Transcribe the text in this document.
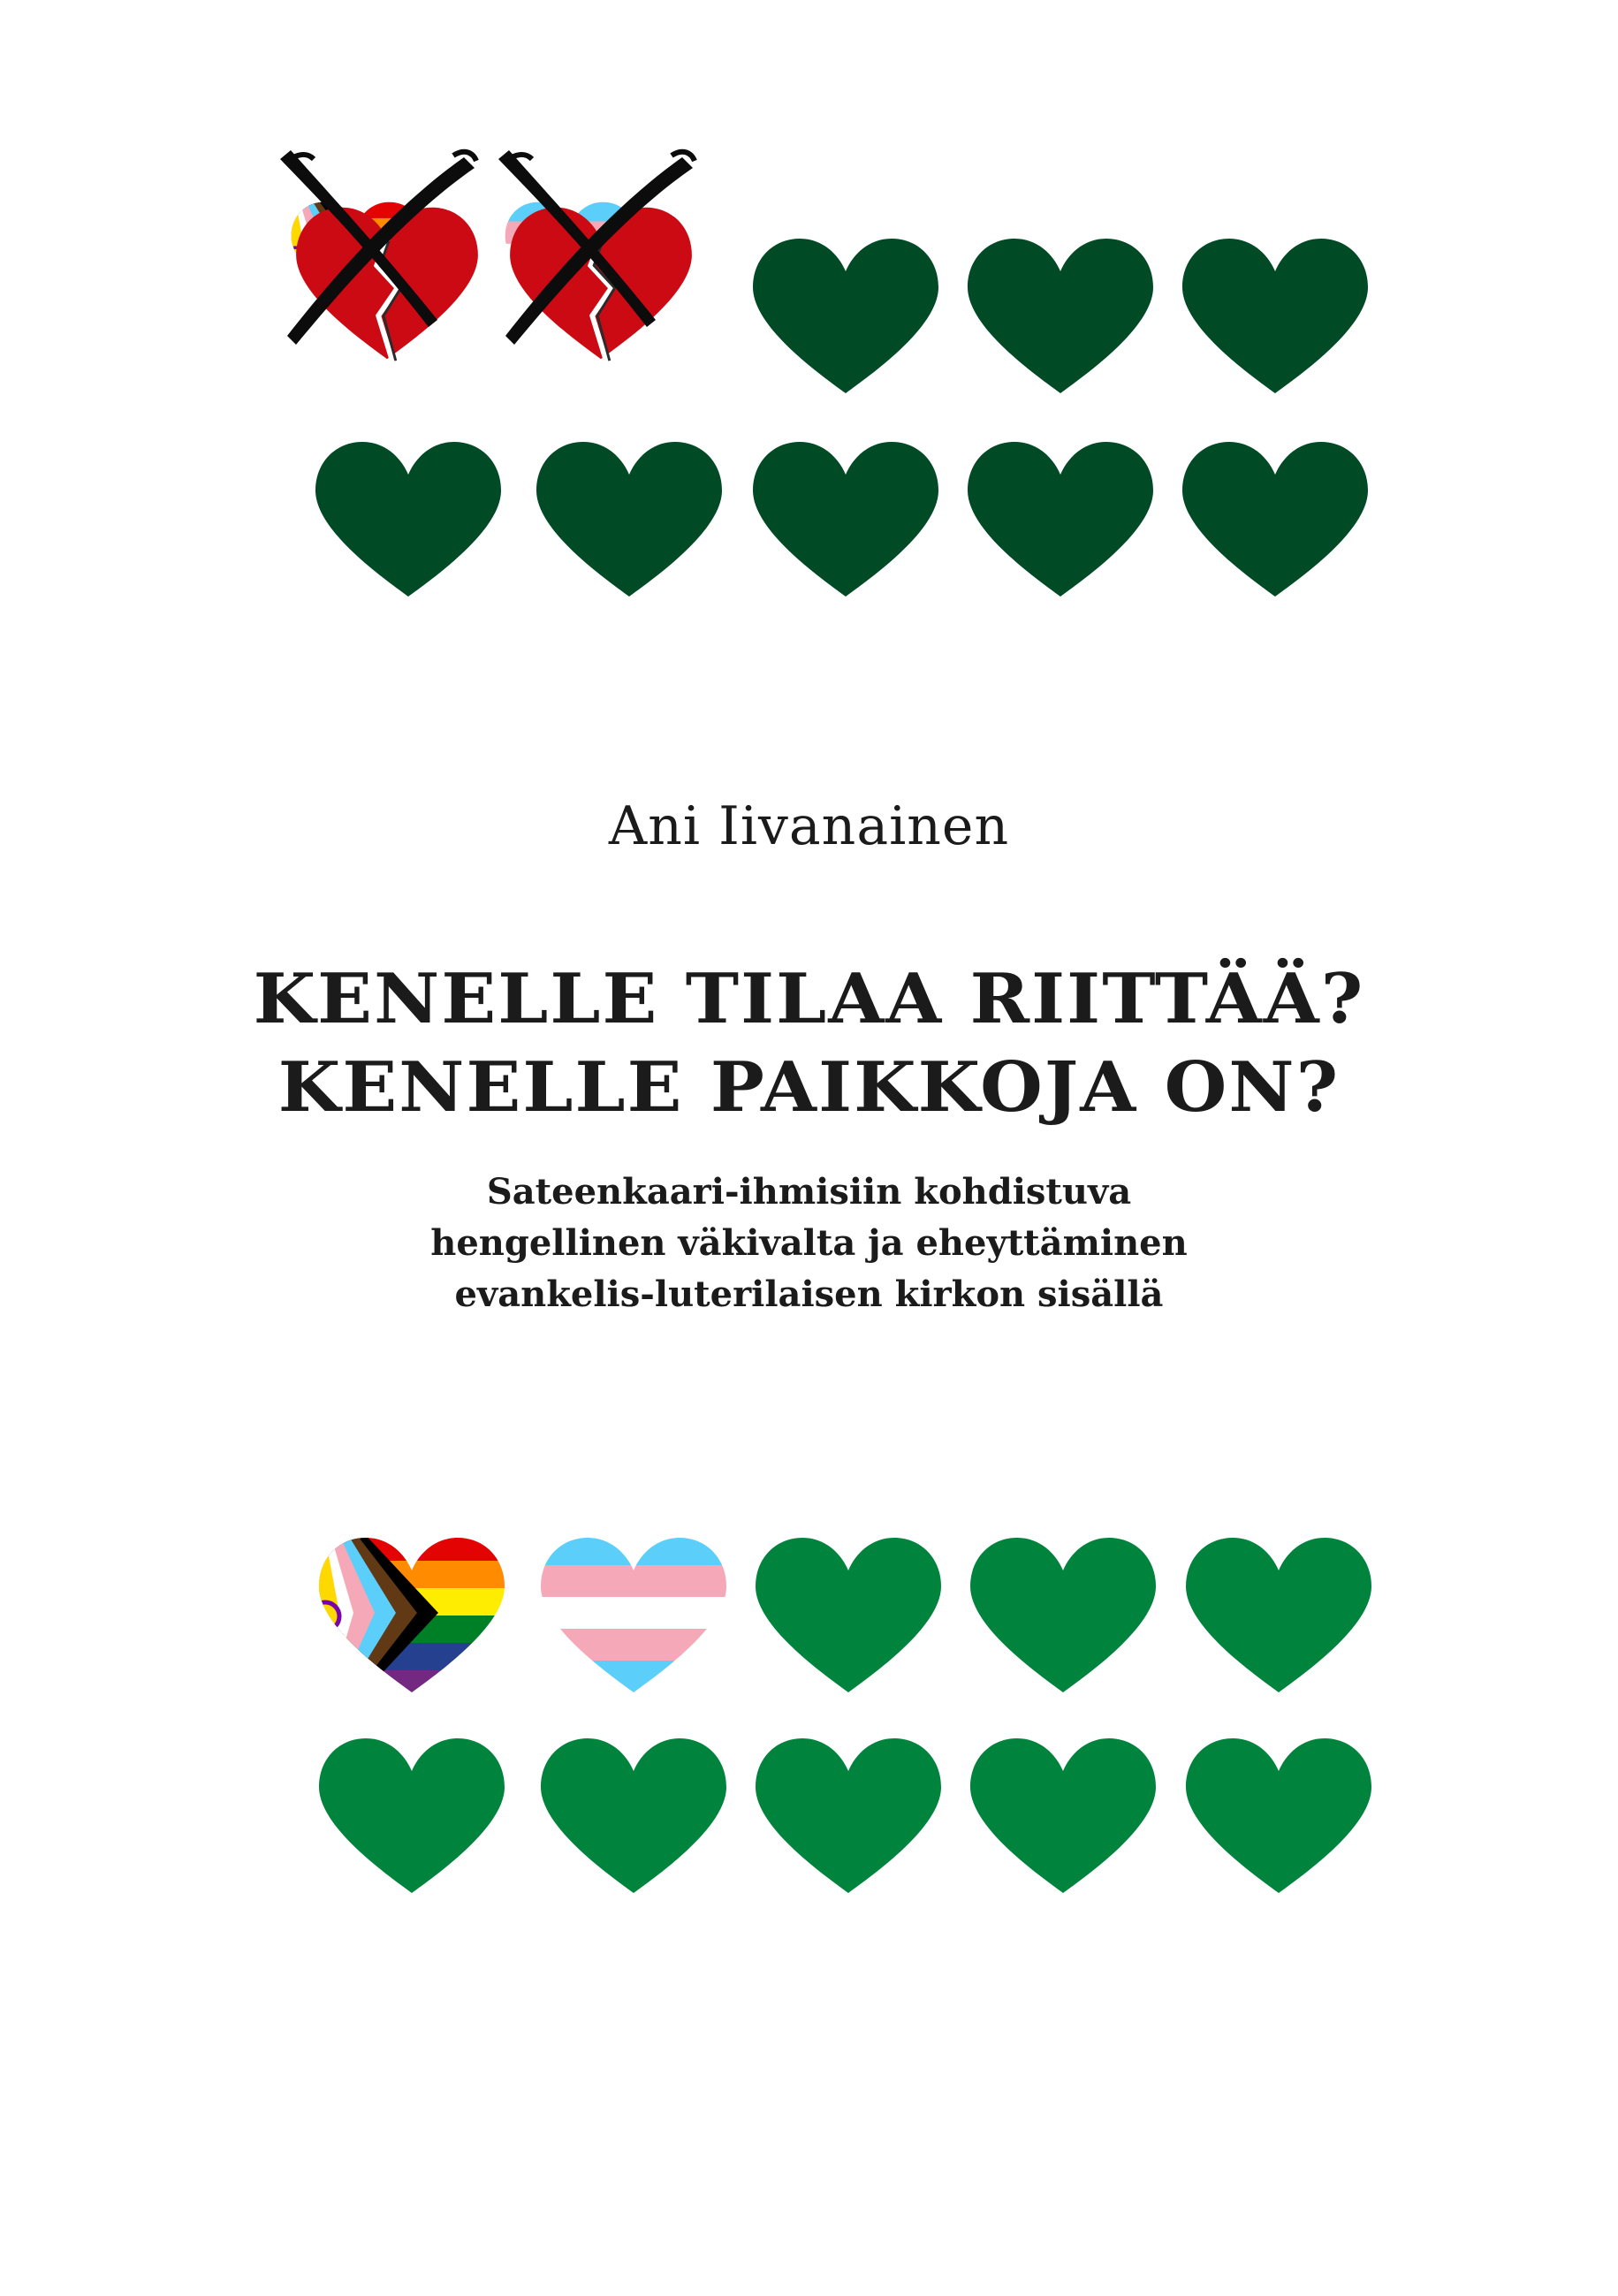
Ani Iivanainen
KENELLE TILAA RIITTÄÄ?
KENELLE PAIKKOJA ON?
Sateenkaari-ihmisiin kohdistuva
hengellinen väkivalta ja eheyttäminen
evankelis-luterilaisen kirkon sisällä
